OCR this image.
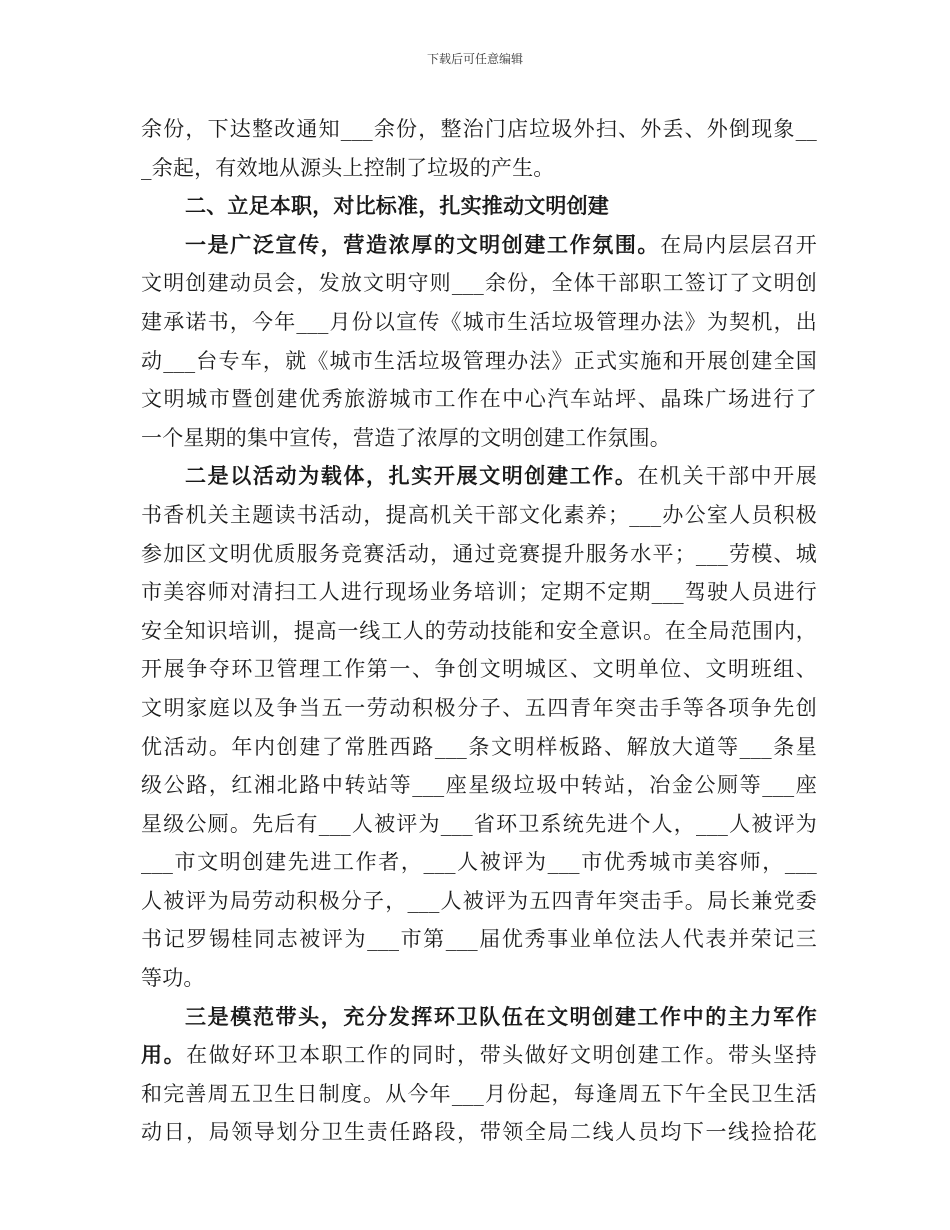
下载后可任意编辑
余份，下达整改通知___余份，整治门店垃圾外扫、外丢、外倒现象__
_余起，有效地从源头上控制了垃圾的产生。
二、立足本职，对比标准，扎实推动文明创建
一是广泛宣传，营造浓厚的文明创建工作氛围。在局内层层召开
文明创建动员会，发放文明守则___余份，全体干部职工签订了文明创
建承诺书，今年___月份以宣传《城市生活垃圾管理办法》为契机，出
动___台专车，就《城市生活垃圾管理办法》正式实施和开展创建全国
文明城市暨创建优秀旅游城市工作在中心汽车站坪、晶珠广场进行了
一个星期的集中宣传，营造了浓厚的文明创建工作氛围。
二是以活动为载体，扎实开展文明创建工作。在机关干部中开展
书香机关主题读书活动，提高机关干部文化素养；___办公室人员积极
参加区文明优质服务竞赛活动，通过竞赛提升服务水平；___劳模、城
市美容师对清扫工人进行现场业务培训；定期不定期___驾驶人员进行
安全知识培训，提高一线工人的劳动技能和安全意识。在全局范围内，
开展争夺环卫管理工作第一、争创文明城区、文明单位、文明班组、
文明家庭以及争当五一劳动积极分子、五四青年突击手等各项争先创
优活动。年内创建了常胜西路___条文明样板路、解放大道等___条星
级公路，红湘北路中转站等___座星级垃圾中转站，冶金公厕等___座
星级公厕。先后有___人被评为___省环卫系统先进个人，___人被评为
___市文明创建先进工作者，___人被评为___市优秀城市美容师，___
人被评为局劳动积极分子，___人被评为五四青年突击手。局长兼党委
书记罗锡桂同志被评为___市第___届优秀事业单位法人代表并荣记三
等功。
三是模范带头，充分发挥环卫队伍在文明创建工作中的主力军作
用。在做好环卫本职工作的同时，带头做好文明创建工作。带头坚持
和完善周五卫生日制度。从今年___月份起，每逢周五下午全民卫生活
动日，局领导划分卫生责任路段，带领全局二线人员均下一线捡拾花
